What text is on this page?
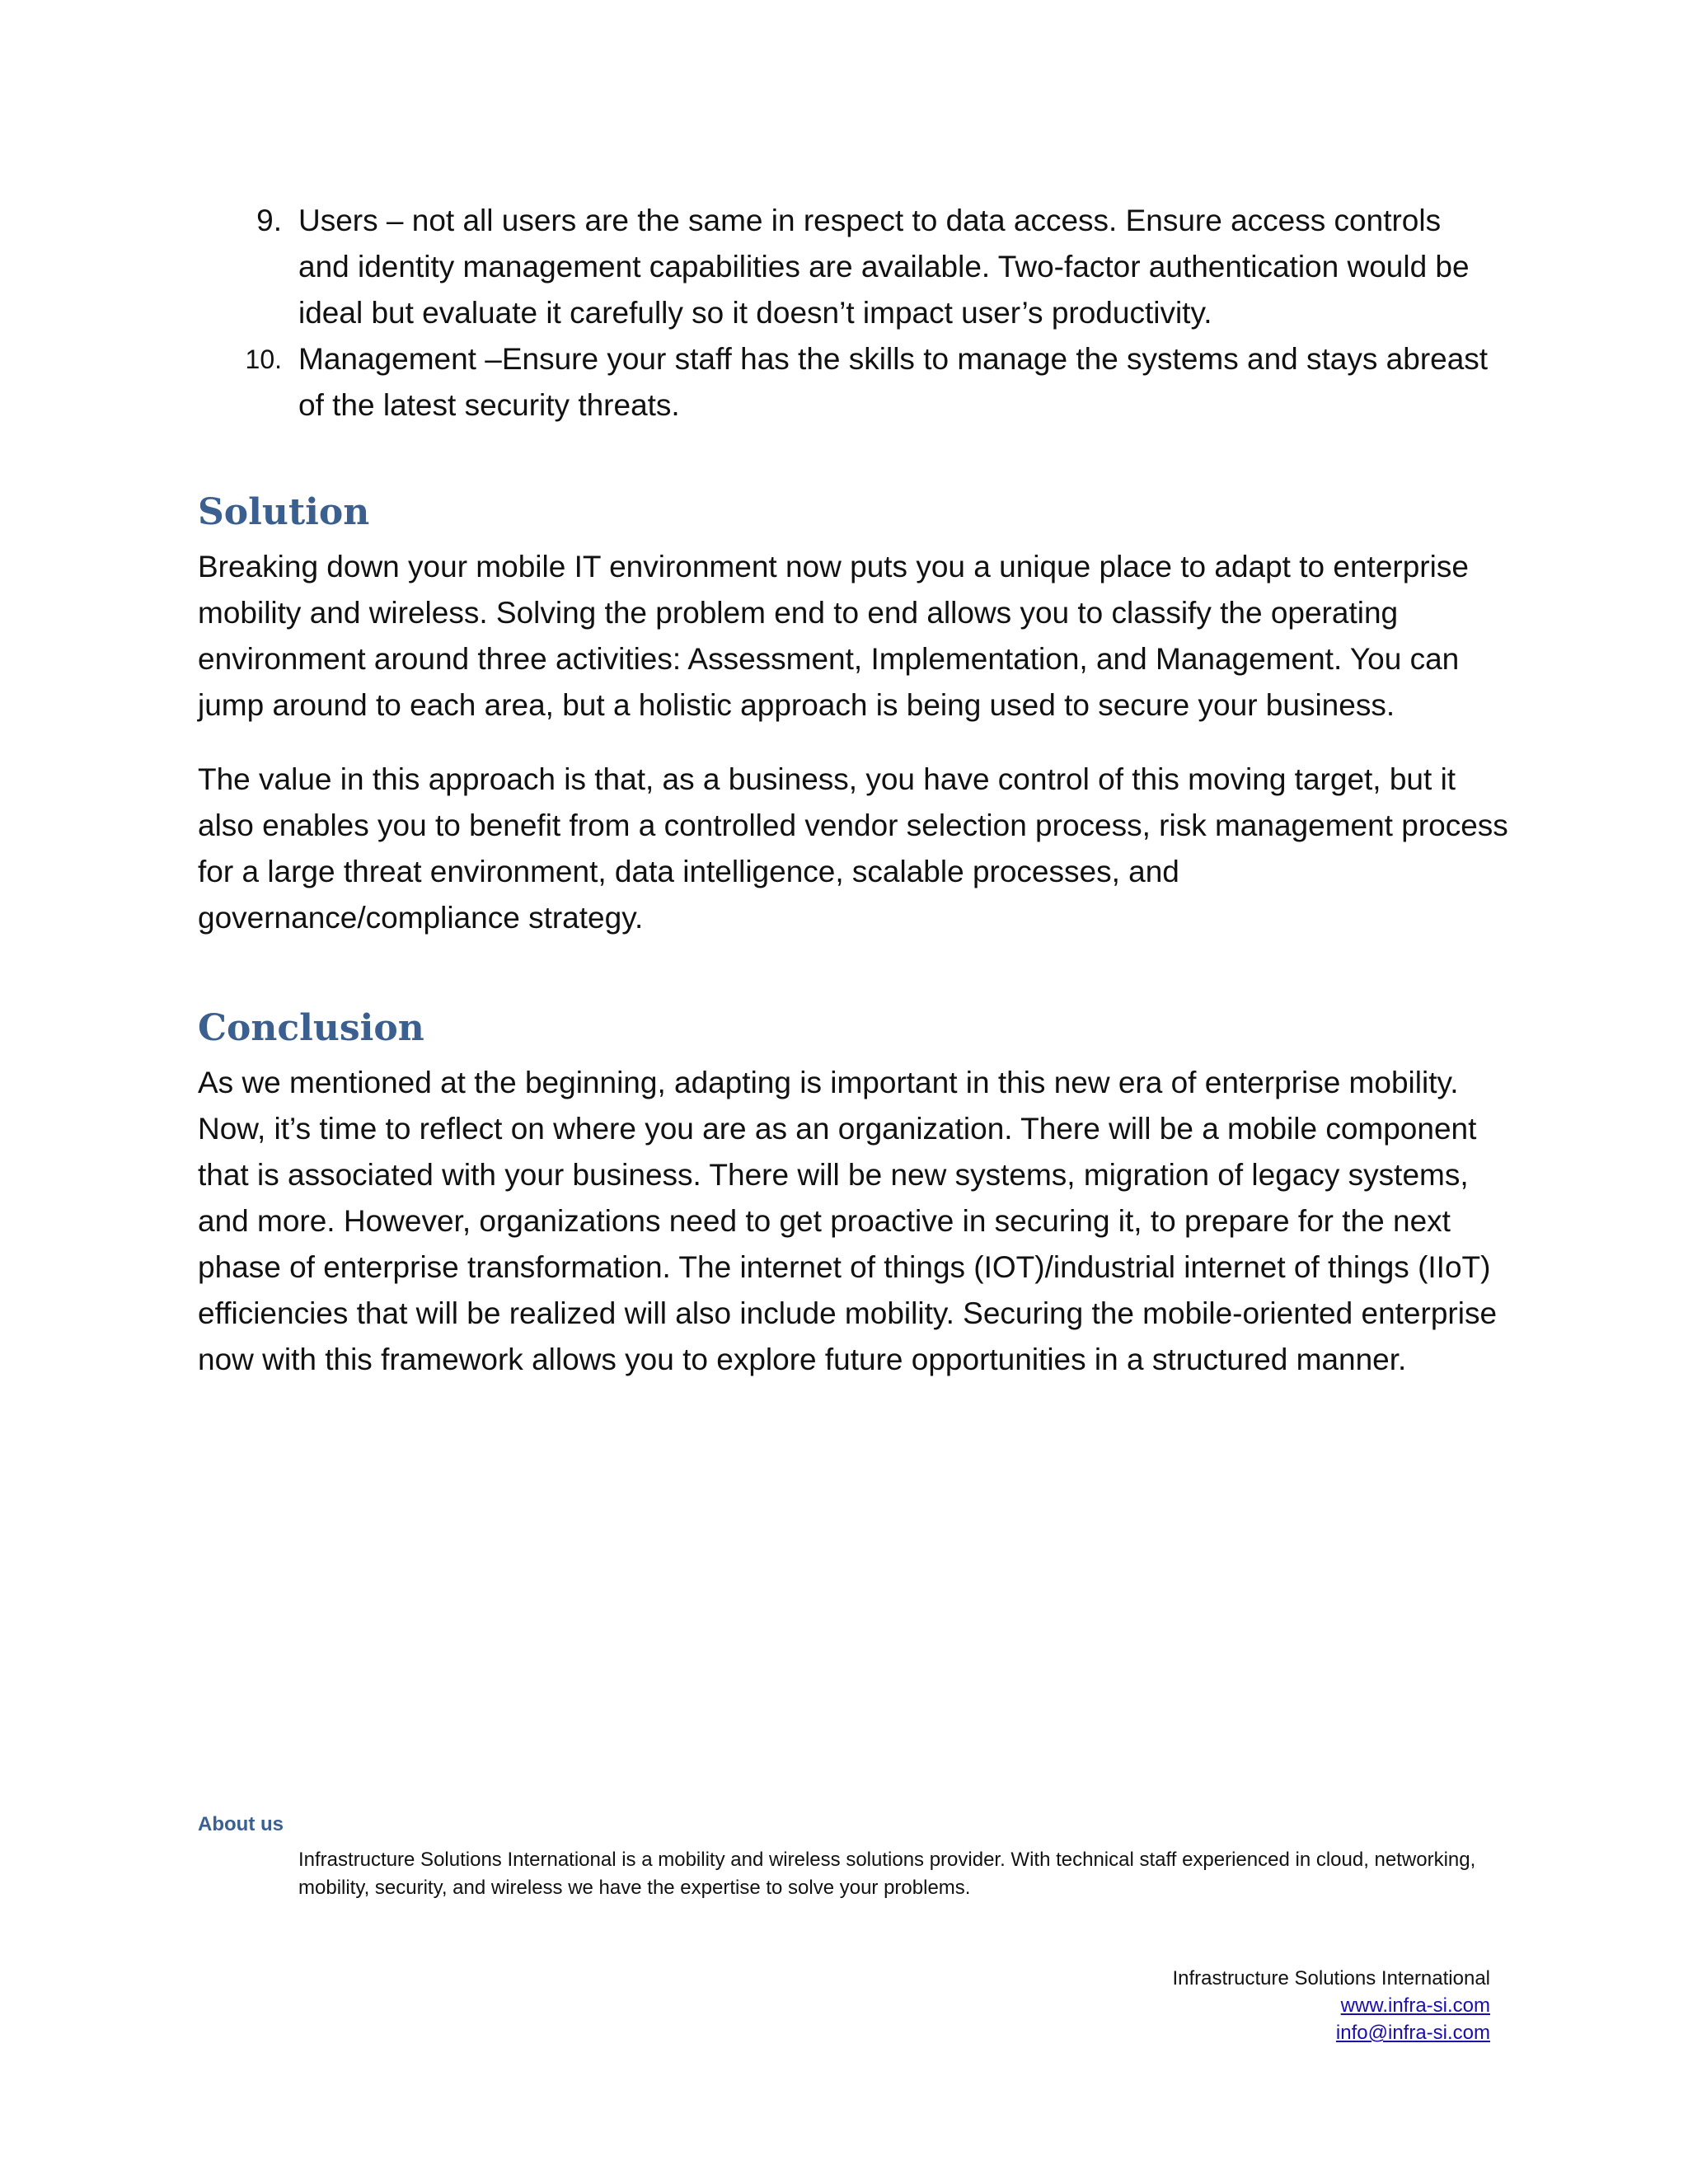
9. Users – not all users are the same in respect to data access. Ensure access controls and identity management capabilities are available. Two-factor authentication would be ideal but evaluate it carefully so it doesn’t impact user’s productivity.
10. Management –Ensure your staff has the skills to manage the systems and stays abreast of the latest security threats.
Solution

Breaking down your mobile IT environment now puts you a unique place to adapt to enterprise mobility and wireless. Solving the problem end to end allows you to classify the operating environment around three activities: Assessment, Implementation, and Management. You can jump around to each area, but a holistic approach is being used to secure your business.

The value in this approach is that, as a business, you have control of this moving target, but it also enables you to benefit from a controlled vendor selection process, risk management process for a large threat environment, data intelligence, scalable processes, and governance/compliance strategy.

Conclusion

As we mentioned at the beginning, adapting is important in this new era of enterprise mobility. Now, it’s time to reflect on where you are as an organization. There will be a mobile component that is associated with your business. There will be new systems, migration of legacy systems, and more. However, organizations need to get proactive in securing it, to prepare for the next phase of enterprise transformation. The internet of things (IOT)/industrial internet of things (IIoT) efficiencies that will be realized will also include mobility. Securing the mobile-oriented enterprise now with this framework allows you to explore future opportunities in a structured manner.

About us

Infrastructure Solutions International is a mobility and wireless solutions provider. With technical staff experienced in cloud, networking, mobility, security, and wireless we have the expertise to solve your problems.

Infrastructure Solutions International
www.infra-si.com
info@infra-si.com
